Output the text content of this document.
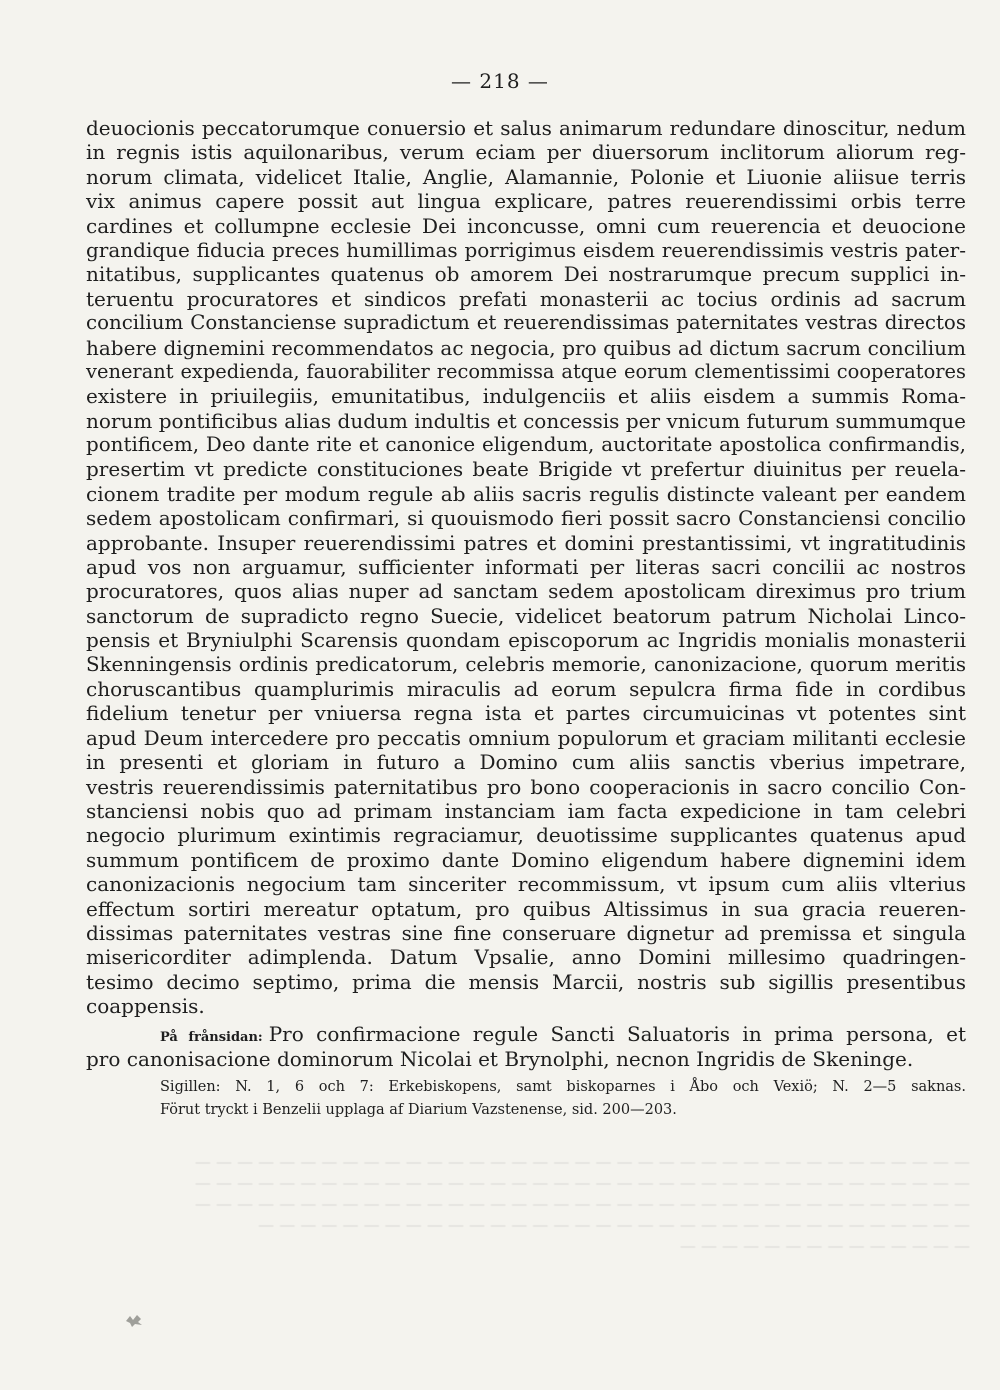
— 218 —
deuocionis peccatorumque conuersio et salus animarum redundare dinoscitur, nedum
in regnis istis aquilonaribus, verum eciam per diuersorum inclitorum aliorum reg-
norum climata, videlicet Italie, Anglie, Alamannie, Polonie et Liuonie aliisue terris
vix animus capere possit aut lingua explicare, patres reuerendissimi orbis terre
cardines et collumpne ecclesie Dei inconcusse, omni cum reuerencia et deuocione
grandique fiducia preces humillimas porrigimus eisdem reuerendissimis vestris pater-
nitatibus, supplicantes quatenus ob amorem Dei nostrarumque precum supplici in-
teruentu procuratores et sindicos prefati monasterii ac tocius ordinis ad sacrum
concilium Constanciense supradictum et reuerendissimas paternitates vestras directos
habere dignemini recommendatos ac negocia, pro quibus ad dictum sacrum concilium
venerant expedienda, fauorabiliter recommissa atque eorum clementissimi cooperatores
existere in priuilegiis, emunitatibus, indulgenciis et aliis eisdem a summis Roma-
norum pontificibus alias dudum indultis et concessis per vnicum futurum summumque
pontificem, Deo dante rite et canonice eligendum, auctoritate apostolica confirmandis,
presertim vt predicte constituciones beate Brigide vt prefertur diuinitus per reuela-
cionem tradite per modum regule ab aliis sacris regulis distincte valeant per eandem
sedem apostolicam confirmari, si quouismodo fieri possit sacro Constanciensi concilio
approbante. Insuper reuerendissimi patres et domini prestantissimi, vt ingratitudinis
apud vos non arguamur, sufficienter informati per literas sacri concilii ac nostros
procuratores, quos alias nuper ad sanctam sedem apostolicam direximus pro trium
sanctorum de supradicto regno Suecie, videlicet beatorum patrum Nicholai Linco-
pensis et Bryniulphi Scarensis quondam episcoporum ac Ingridis monialis monasterii
Skenningensis ordinis predicatorum, celebris memorie, canonizacione, quorum meritis
choruscantibus quamplurimis miraculis ad eorum sepulcra firma fide in cordibus
fidelium tenetur per vniuersa regna ista et partes circumuicinas vt potentes sint
apud Deum intercedere pro peccatis omnium populorum et graciam militanti ecclesie
in presenti et gloriam in futuro a Domino cum aliis sanctis vberius impetrare,
vestris reuerendissimis paternitatibus pro bono cooperacionis in sacro concilio Con-
stanciensi nobis quo ad primam instanciam iam facta expedicione in tam celebri
negocio plurimum exintimis regraciamur, deuotissime supplicantes quatenus apud
summum pontificem de proximo dante Domino eligendum habere dignemini idem
canonizacionis negocium tam sinceriter recommissum, vt ipsum cum aliis vlterius
effectum sortiri mereatur optatum, pro quibus Altissimus in sua gracia reueren-
dissimas paternitates vestras sine fine conseruare dignetur ad premissa et singula
misericorditer adimplenda. Datum Vpsalie, anno Domini millesimo quadringen-
tesimo decimo septimo, prima die mensis Marcii, nostris sub sigillis presentibus
coappensis.
På frånsidan: Pro confirmacione regule Sancti Saluatoris in prima persona, et
pro canonisacione dominorum Nicolai et Brynolphi, necnon Ingridis de Skeninge.
Sigillen: N. 1, 6 och 7: Erkebiskopens, samt biskoparnes i Åbo och Vexiö; N. 2—5 saknas.
Förut tryckt i Benzelii upplaga af Diarium Vazstenense, sid. 200—203.
— — — — — — — — — — — — — — — — — — — — — — — — — — — — — — — — — — — — —
— — — — — — — — — — — — — — — — — — — — — — — — — — — — — — — — — — — — —
— — — — — — — — — — — — — — — — — — — — — — — — — — — — — — — — — — — — —
— — — — — — — — — — — — — — — — — — — — — — — — — — — — — — — — — —
— — — — — — — — — — — — — —
